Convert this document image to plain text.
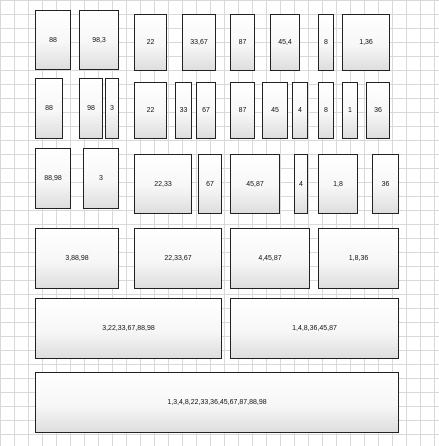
88	98,3	22	33,67	87	45,4	8	1,36
88	98 3	22	33 67	87	45	4	8	1	36
88,98	3
22,33	67	45,87	4	1,8	36
3,88,98	22,33,67	4,45,87	1,8,36
3,22,33,67,88,98	1,4,8,36,45,87
1,3,4,8,22,33,36,45,67,87,88,98
